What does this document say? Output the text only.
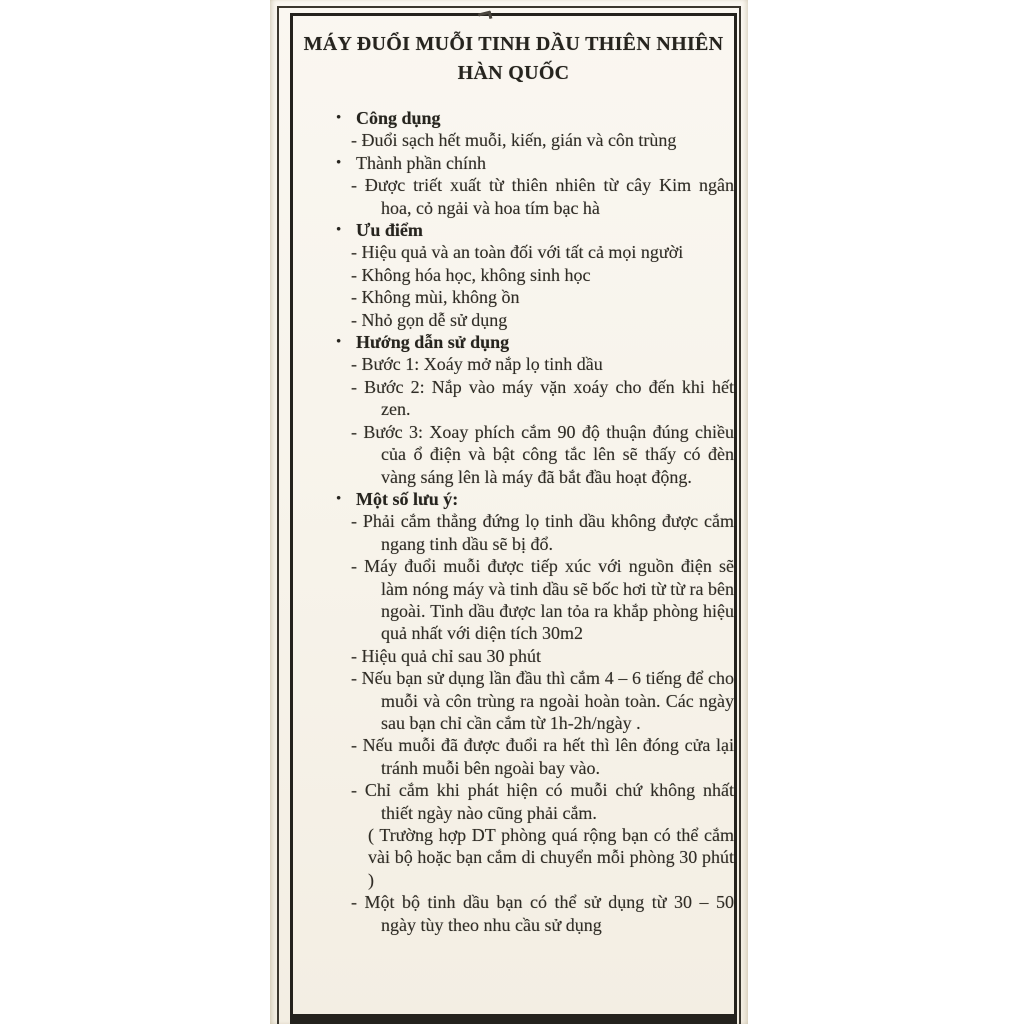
MÁY ĐUỔI MUỖI TINH DẦU THIÊN NHIÊN
HÀN QUỐC
• Công dụng

- Đuổi sạch hết muỗi, kiến, gián và côn trùng

• Thành phần chính

- Được triết xuất từ thiên nhiên từ cây Kim ngân hoa, cỏ ngải và hoa tím bạc hà

• Ưu điểm

- Hiệu quả và an toàn đối với tất cả mọi người

- Không hóa học, không sinh học

- Không mùi, không ồn

- Nhỏ gọn dễ sử dụng

• Hướng dẫn sử dụng

- Bước 1: Xoáy mở nắp lọ tinh dầu

- Bước 2: Nắp vào máy vặn xoáy cho đến khi hết zen.

- Bước 3: Xoay phích cắm 90 độ thuận đúng chiều của ổ điện và bật công tắc lên sẽ thấy có đèn vàng sáng lên là máy đã bắt đầu hoạt động.

• Một số lưu ý:

- Phải cắm thẳng đứng lọ tinh dầu không được cắm ngang tinh dầu sẽ bị đổ.

- Máy đuổi muỗi được tiếp xúc với nguồn điện sẽ làm nóng máy và tinh dầu sẽ bốc hơi từ từ ra bên ngoài. Tinh dầu được lan tỏa ra khắp phòng hiệu quả nhất với diện tích 30m2

- Hiệu quả chỉ sau 30 phút

- Nếu bạn sử dụng lần đầu thì cắm 4 – 6 tiếng để cho muỗi và côn trùng ra ngoài hoàn toàn. Các ngày sau bạn chỉ cần cắm từ 1h-2h/ngày .

- Nếu muỗi đã được đuổi ra hết thì lên đóng cửa lại tránh muỗi bên ngoài bay vào.

- Chỉ cắm khi phát hiện có muỗi chứ không nhất thiết ngày nào cũng phải cắm.

( Trường hợp DT phòng quá rộng bạn có thể cắm vài bộ hoặc bạn cắm di chuyển mỗi phòng 30 phút )

- Một bộ tinh dầu bạn có thể sử dụng từ 30 – 50 ngày tùy theo nhu cầu sử dụng
